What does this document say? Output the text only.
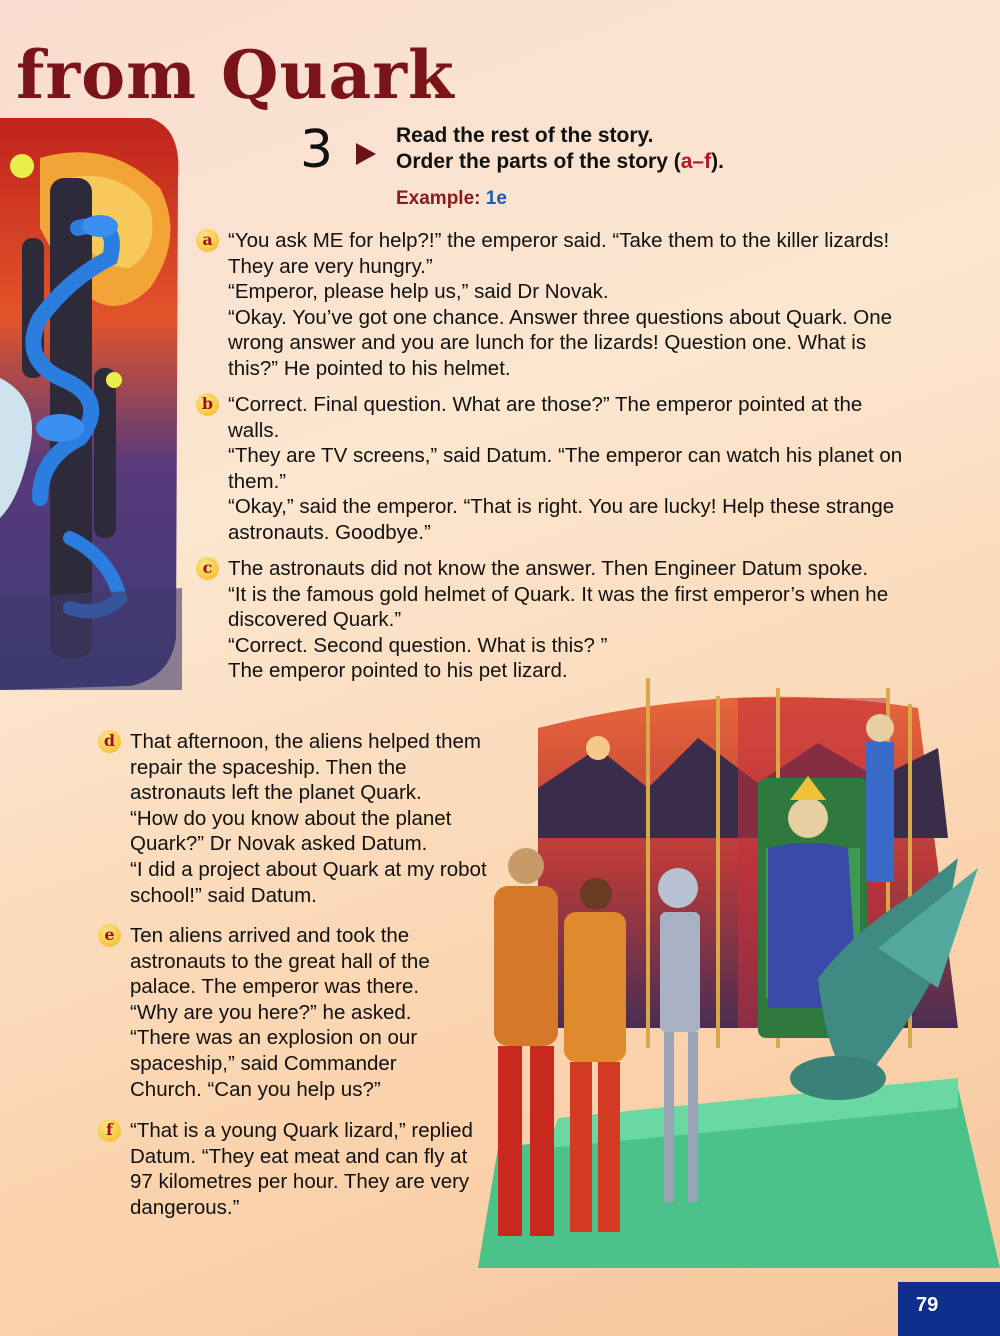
from Quark
3	Read the rest of the story.
Order the parts of the story (a–f).
Example: 1e
a “You ask ME for help?!” the emperor said. “Take them to the killer lizards! They are very hungry.”

“Emperor, please help us,” said Dr Novak.

“Okay. You’ve got one chance. Answer three questions about Quark. One wrong answer and you are lunch for the lizards! Question one. What is this?” He pointed to his helmet.

b “Correct. Final question. What are those?” The emperor pointed at the walls.

“They are TV screens,” said Datum. “The emperor can watch his planet on them.”

“Okay,” said the emperor. “That is right. You are lucky! Help these strange astronauts. Goodbye.”

c The astronauts did not know the answer. Then Engineer Datum spoke.

“It is the famous gold helmet of Quark. It was the first emperor’s when he discovered Quark.”

“Correct. Second question. What is this? ”

The emperor pointed to his pet lizard.

d That afternoon, the aliens helped them repair the spaceship. Then the astronauts left the planet Quark.

“How do you know about the planet Quark?” Dr Novak asked Datum.

“I did a project about Quark at my robot school!” said Datum.

e Ten aliens arrived and took the astronauts to the great hall of the palace. The emperor was there.

“Why are you here?” he asked.

“There was an explosion on our spaceship,” said Commander Church. “Can you help us?”

f “That is a young Quark lizard,” replied Datum. “They eat meat and can fly at 97 kilometres per hour. They are very dangerous.”

79
